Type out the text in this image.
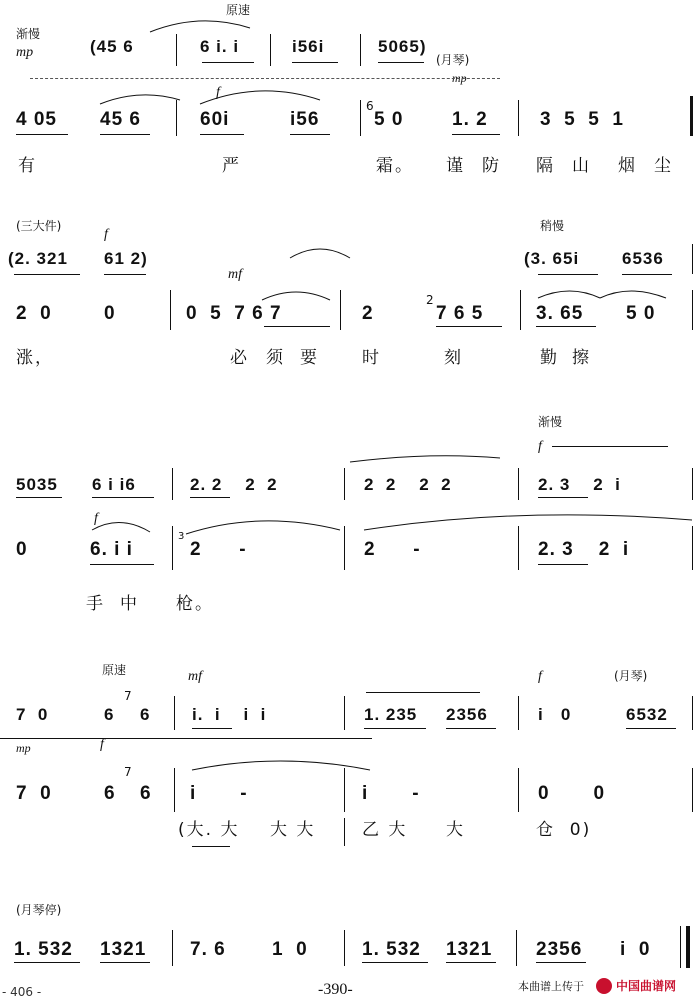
原速
渐慢
mp	(45 6	6 i. i	i56i	5065)
(月琴)
mp
4 05 45 6
f
60i	i56
6
5 0	1. 2	3  5  5  1
有	严	霜。 谨 防 隔 山 烟 尘
(三大件)
f
稍慢
(2. 321 61 2)	(3. 65i	6536
mf
2  0	0	0  5  7 6 7	2
2
7 6 5	3. 65 5 0
涨，	必 须 要	时	刻	勤 擦
渐慢
f
5035 6 i i6	2. 2    2  2	2  2    2  2	2. 3    2  i
f
0	6. i i
3
2      -	2      -	2. 3    2  i
手 中 枪。
原速	mf	f	(月琴)
7  0	6
7
6 i.  i    i  i	1. 235 2356	i   0	6532
mp	f
7  0	6
7
6 i       -	i       -	0       0
(大. 大 大 大	乙 大 大	仓  0)
(月琴停)
1. 532 1321 7. 6 1  0	1. 532 1321 2356 i  0
- 406 -	-390-	本曲谱上传于	中国曲谱网
